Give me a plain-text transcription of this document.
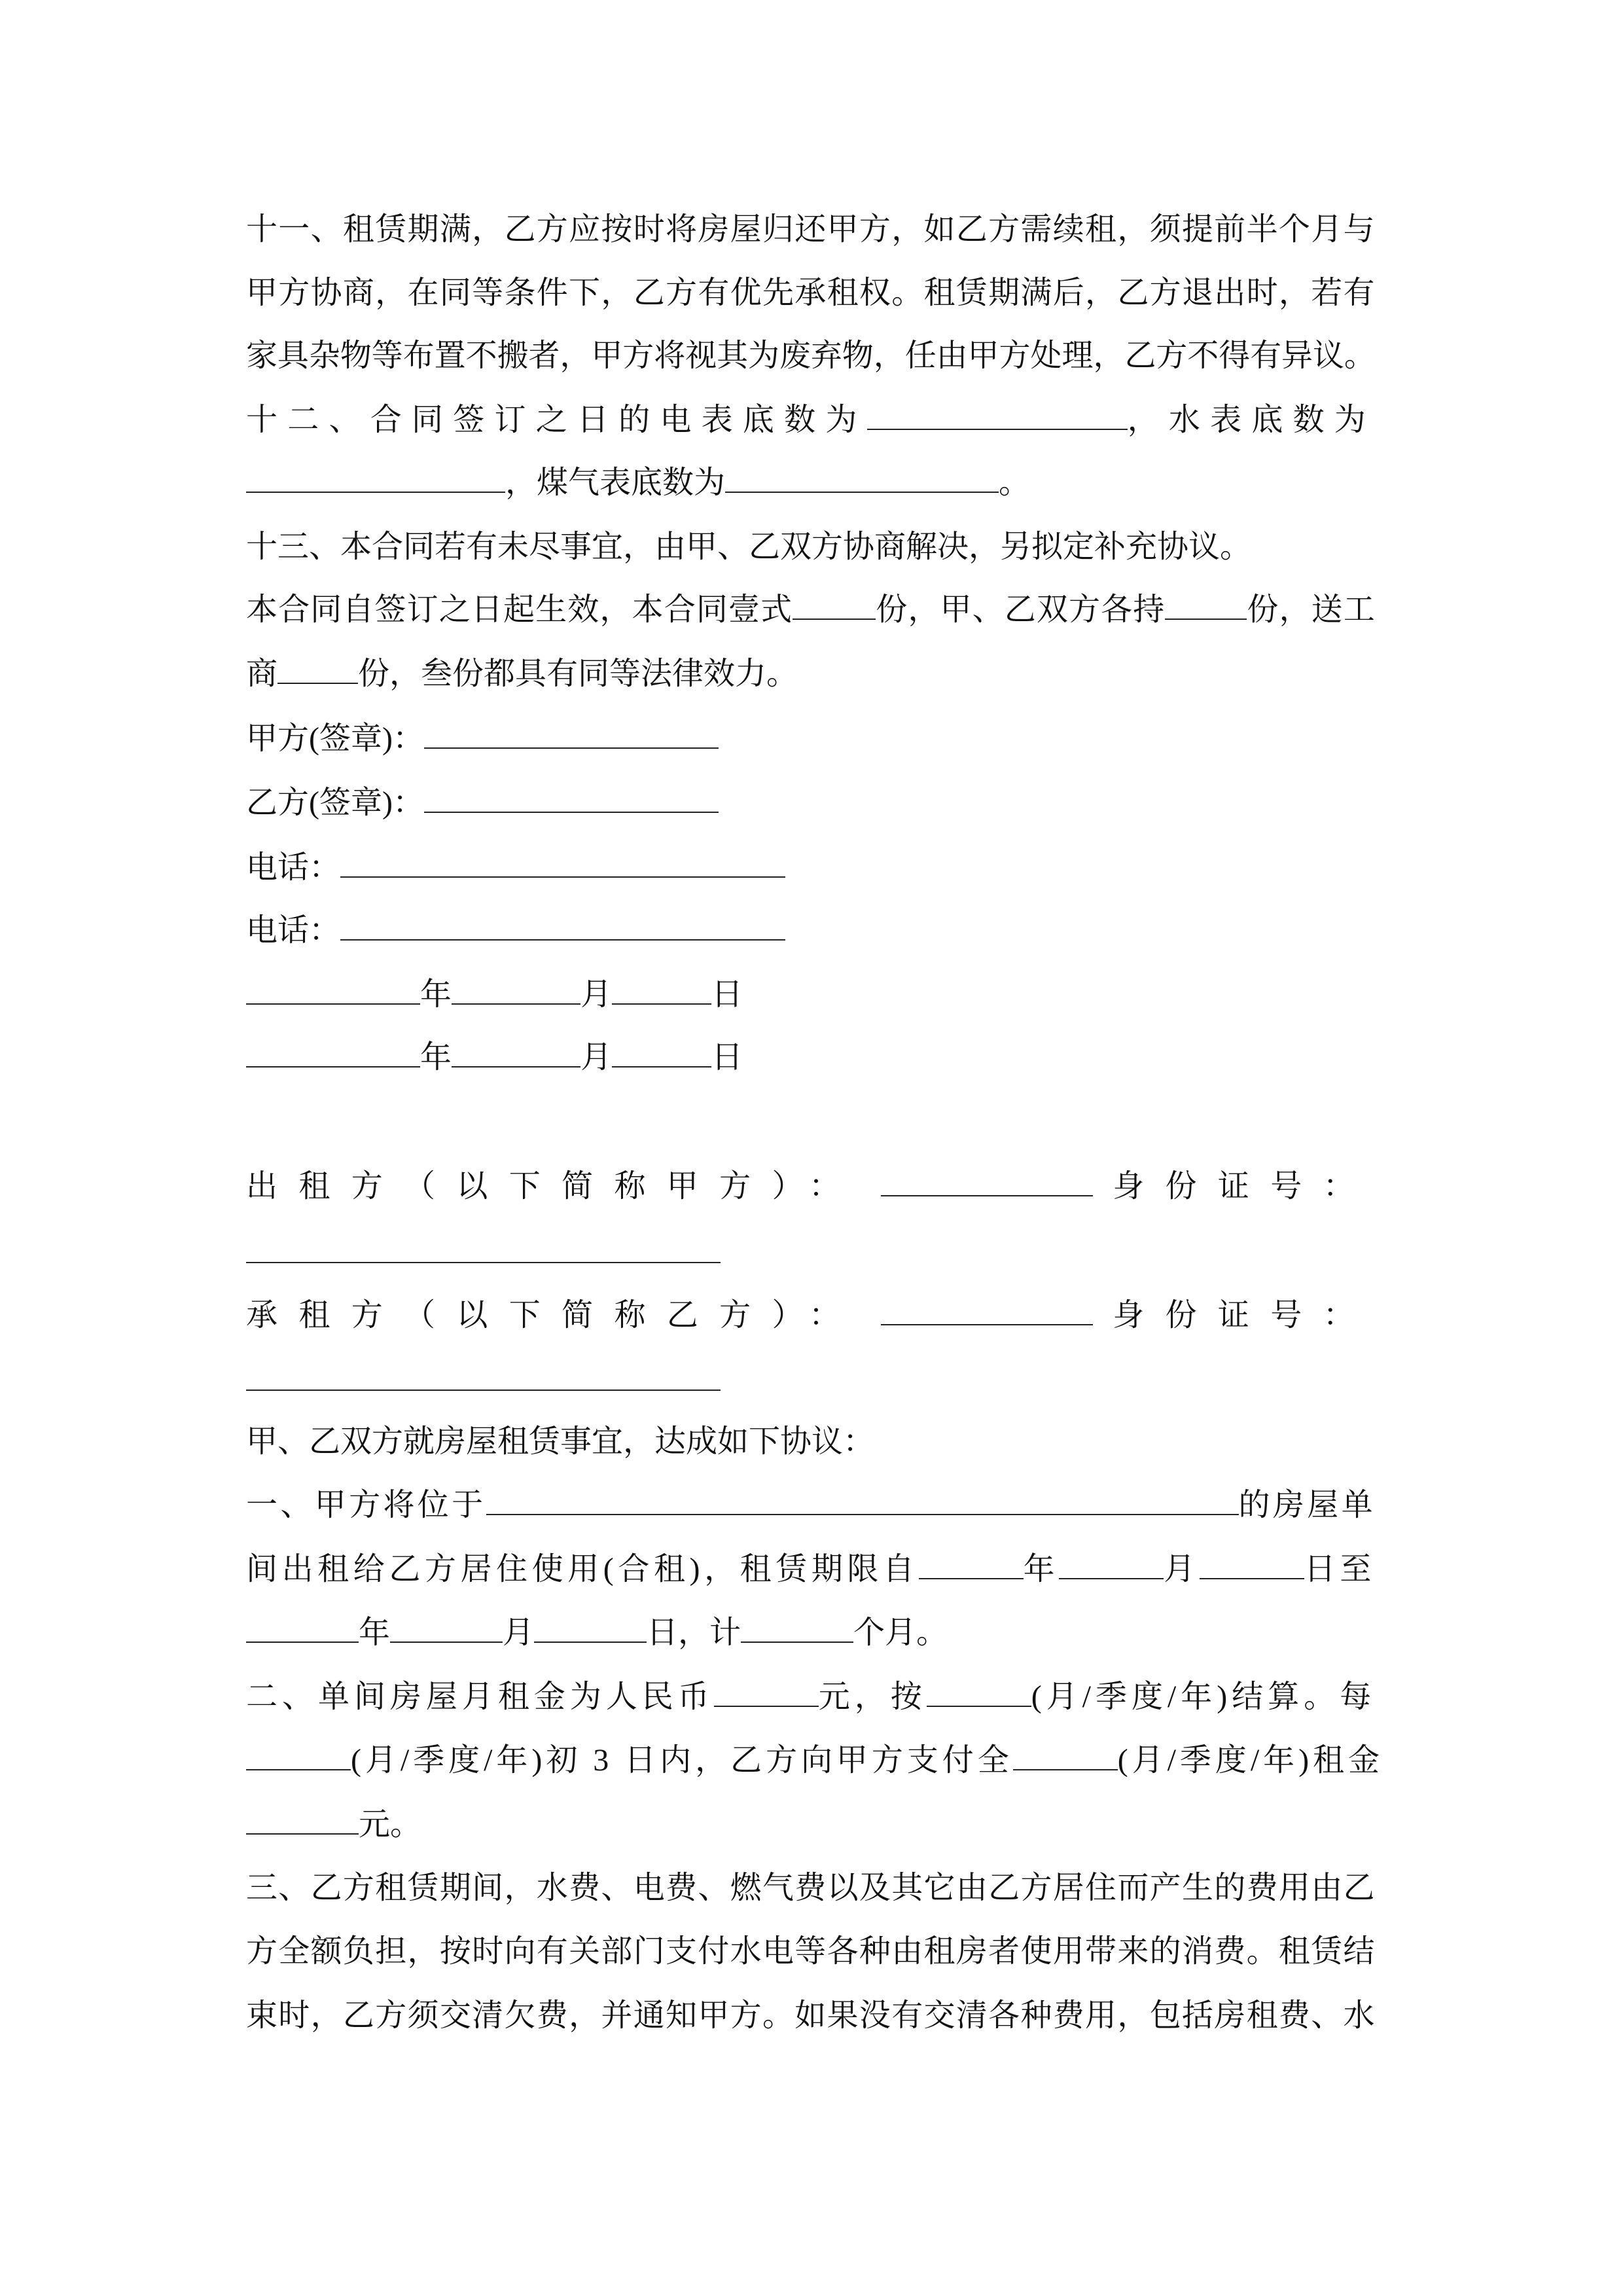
十一、租赁期满，乙方应按时将房屋归还甲方，如乙方需续租，须提前半个月与
甲方协商，在同等条件下，乙方有优先承租权。租赁期满后，乙方退出时，若有
家具杂物等布置不搬者，甲方将视其为废弃物，任由甲方处理，乙方不得有异议。
十二、合同签订之日的电表底数为	，水表底数为
，煤气表底数为	。
十三、本合同若有未尽事宜，由甲、乙双方协商解决，另拟定补充协议。
本合同自签订之日起生效，本合同壹式	份，甲、乙双方各持	份，送工
商	份，叁份都具有同等法律效力。
甲方(签章)：
乙方(签章)：
电话：
电话：
年	月	日
年	月	日
出租方（以下简称甲方）：	身份证号：
承租方（以下简称乙方）：	身份证号：
甲、乙双方就房屋租赁事宜，达成如下协议：
一、甲方将位于	的房屋单
间出租给乙方居住使用(合租)，租赁期限自	年	月	日至
年	月	日，计	个月。
二、单间房屋月租金为人民币	元，按	(月/季度/年)结算。每
(月/季度/年)初 3 日内，乙方向甲方支付全	(月/季度/年)租金
元。
三、乙方租赁期间，水费、电费、燃气费以及其它由乙方居住而产生的费用由乙
方全额负担，按时向有关部门支付水电等各种由租房者使用带来的消费。租赁结
束时，乙方须交清欠费，并通知甲方。如果没有交清各种费用，包括房租费、水
